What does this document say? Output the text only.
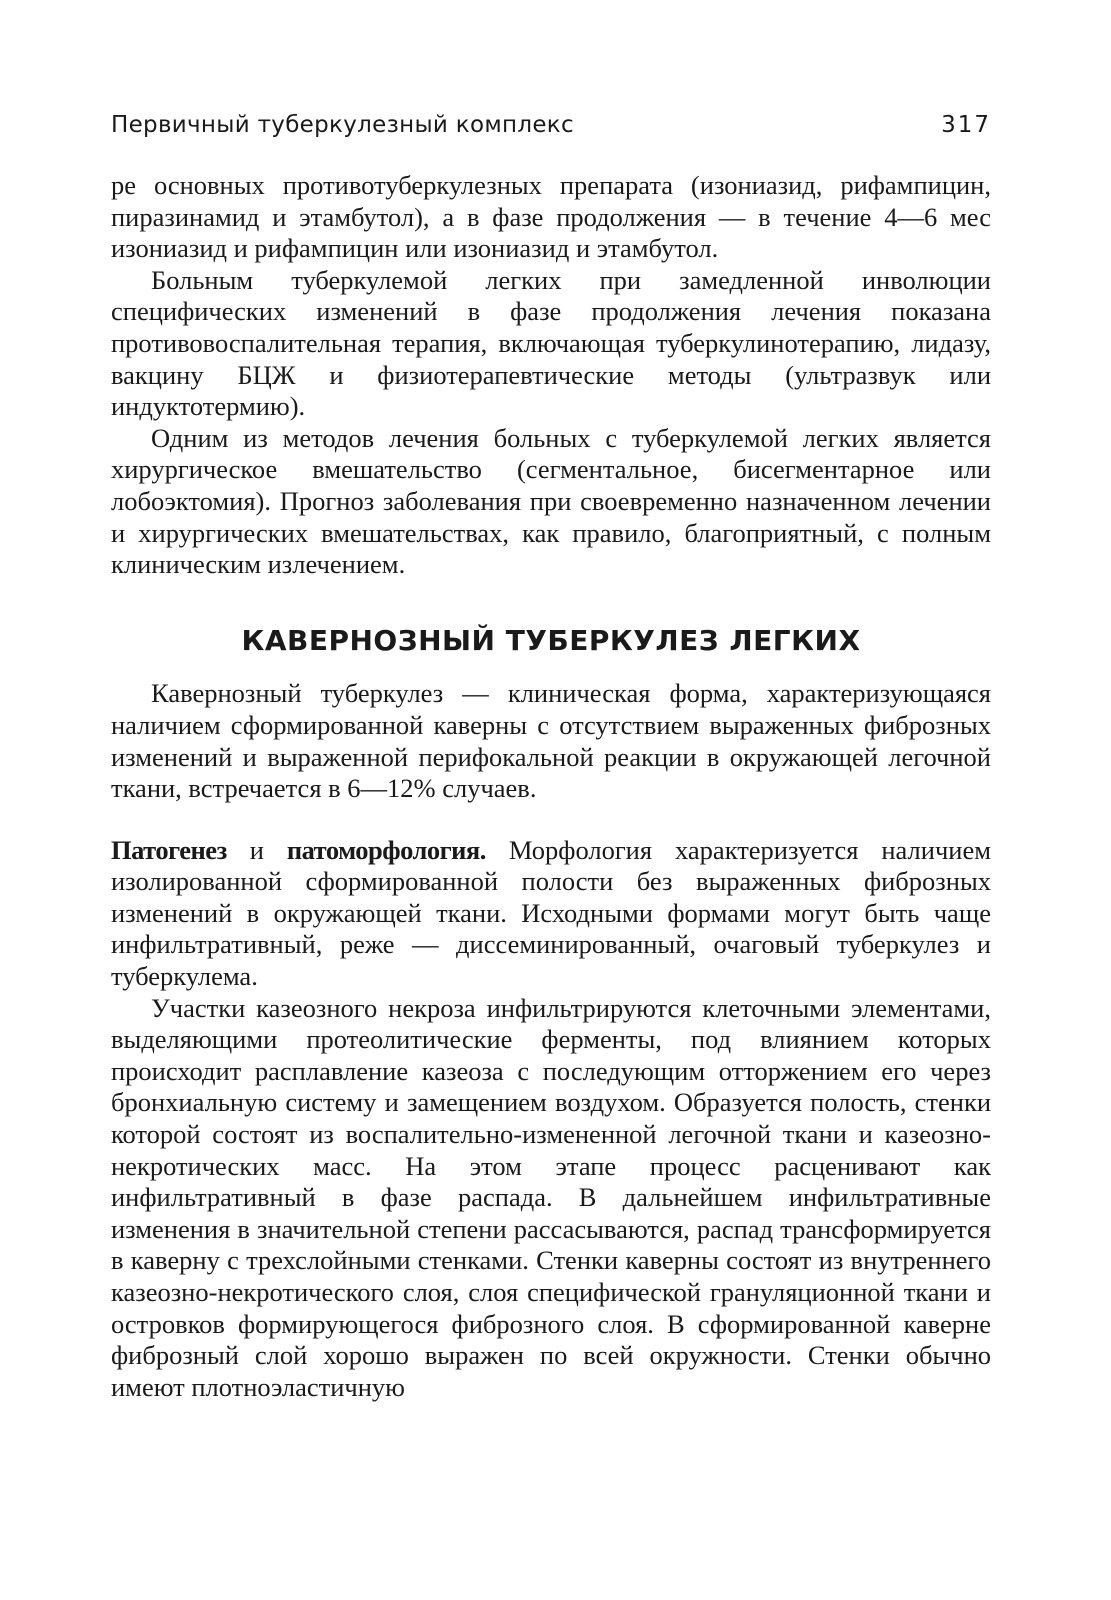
Первичный туберкулезный комплекс	317

ре основных противотуберкулезных препарата (изониазид, рифампицин, пиразинамид и этамбутол), а в фазе продолжения — в течение 4—6 мес изониазид и рифампицин или изониазид и этамбутол.

Больным туберкулемой легких при замедленной инволюции специфических изменений в фазе продолжения лечения показана противовоспалительная терапия, включающая туберкулинотерапию, лидазу, вакцину БЦЖ и физиотерапевтические методы (ультразвук или индуктотермию).

Одним из методов лечения больных с туберкулемой легких является хирургическое вмешательство (сегментальное, бисегментарное или лобоэктомия). Прогноз заболевания при своевременно назначенном лечении и хирургических вмешательствах, как правило, благоприятный, с полным клиническим излечением.

КАВЕРНОЗНЫЙ ТУБЕРКУЛЕЗ ЛЕГКИХ

Кавернозный туберкулез — клиническая форма, характеризующаяся наличием сформированной каверны с отсутствием выраженных фиброзных изменений и выраженной перифокальной реакции в окружающей легочной ткани, встречается в 6—12% случаев.

Патогенез и патоморфология. Морфология характеризуется наличием изолированной сформированной полости без выраженных фиброзных изменений в окружающей ткани. Исходными формами могут быть чаще инфильтративный, реже — диссеминированный, очаговый туберкулез и туберкулема.

Участки казеозного некроза инфильтрируются клеточными элементами, выделяющими протеолитические ферменты, под влиянием которых происходит расплавление казеоза с последующим отторжением его через бронхиальную систему и замещением воздухом. Образуется полость, стенки которой состоят из воспалительно-измененной легочной ткани и казеозно-некротических масс. На этом этапе процесс расценивают как инфильтративный в фазе распада. В дальнейшем инфильтративные изменения в значительной степени рассасываются, распад трансформируется в каверну с трехслойными стенками. Стенки каверны состоят из внутреннего казеозно-некротического слоя, слоя специфической грануляционной ткани и островков формирующегося фиброзного слоя. В сформированной каверне фиброзный слой хорошо выражен по всей окружности. Стенки обычно имеют плотноэластичную
